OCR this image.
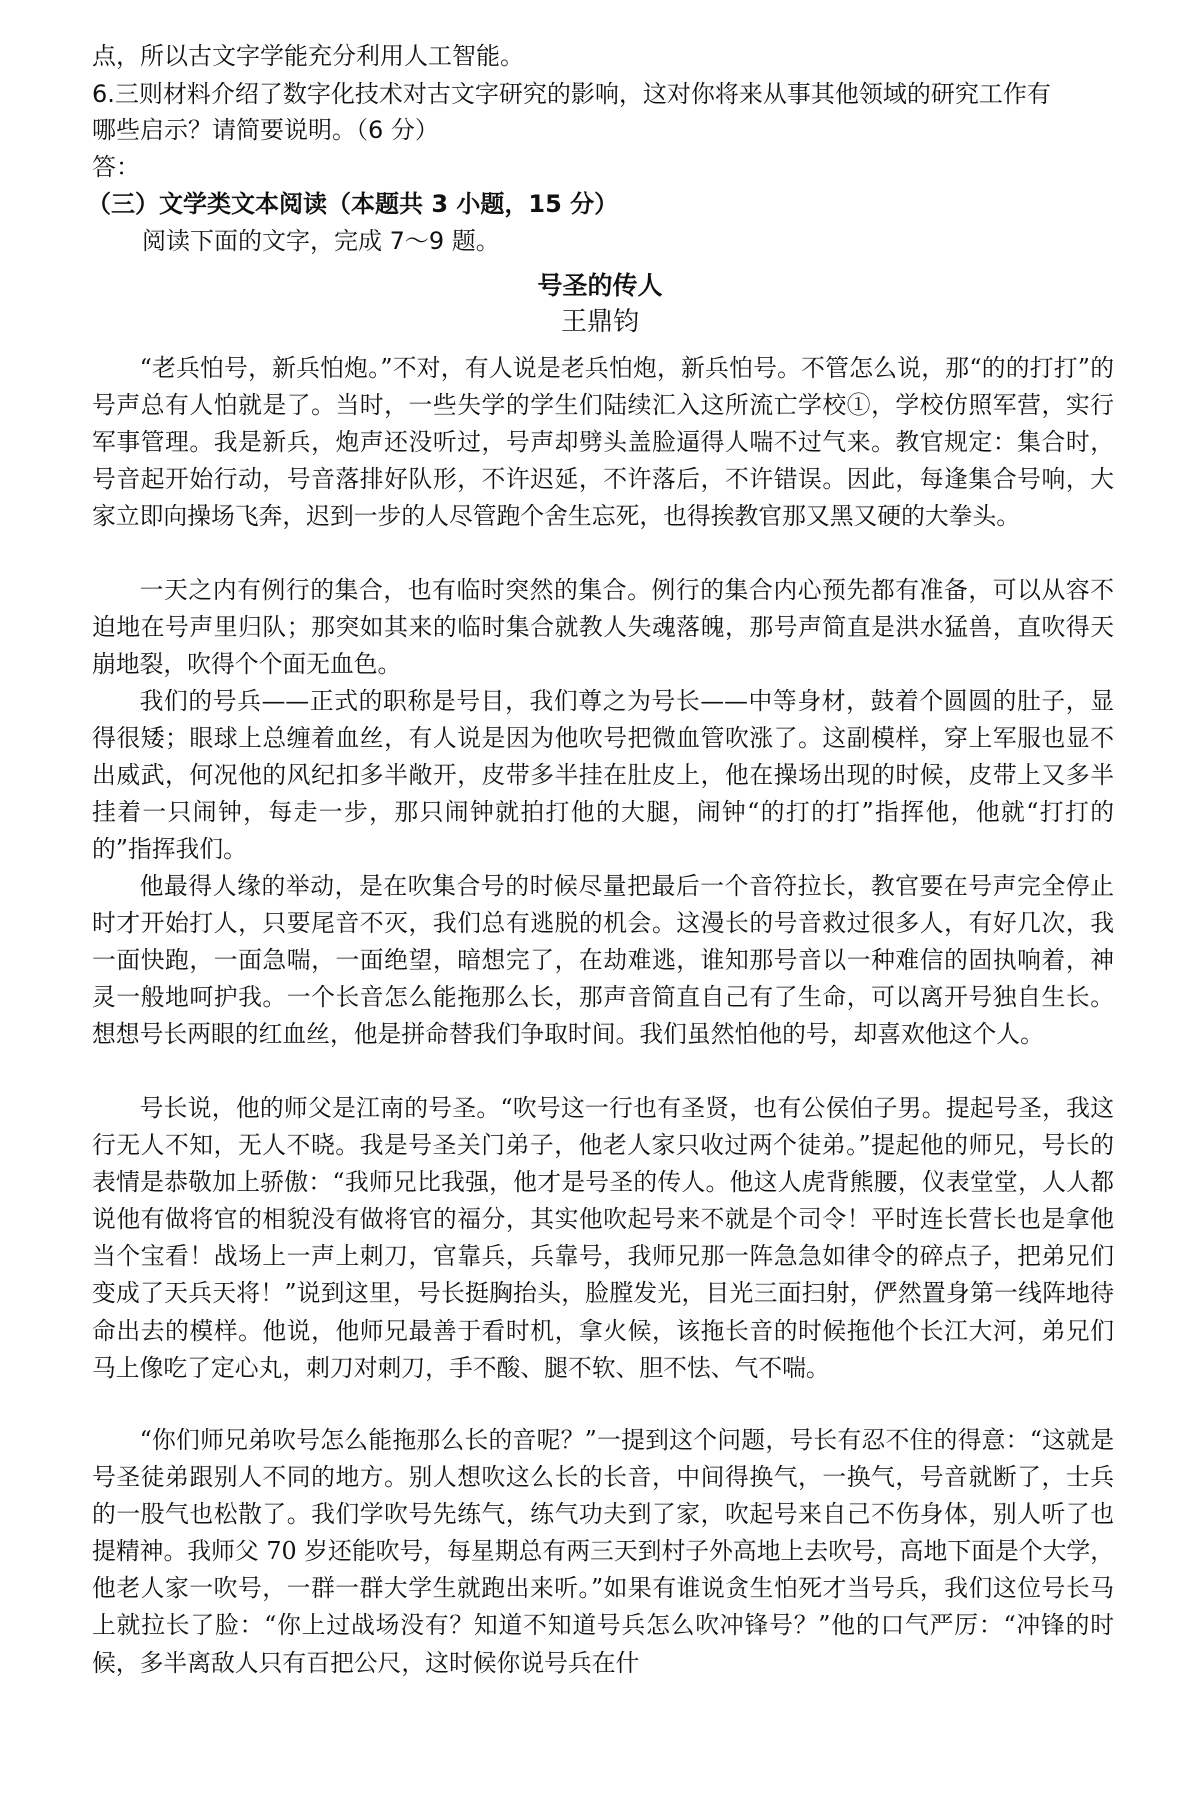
点，所以古文字学能充分利用人工智能。
6.三则材料介绍了数字化技术对古文字研究的影响，这对你将来从事其他领域的研究工作有
哪些启示？请简要说明。（6 分）
答：
（三）文学类文本阅读（本题共 3 小题，15 分）
阅读下面的文字，完成 7～9 题。
号圣的传人
王鼎钧

“老兵怕号，新兵怕炮。”不对，有人说是老兵怕炮，新兵怕号。不管怎么说，那“的的打打”的号声总有人怕就是了。当时，一些失学的学生们陆续汇入这所流亡学校①，学校仿照军营，实行军事管理。我是新兵，炮声还没听过，号声却劈头盖脸逼得人喘不过气来。教官规定：集合时，号音起开始行动，号音落排好队形，不许迟延，不许落后，不许错误。因此，每逢集合号响，大家立即向操场飞奔，迟到一步的人尽管跑个舍生忘死，也得挨教官那又黑又硬的大拳头。

一天之内有例行的集合，也有临时突然的集合。例行的集合内心预先都有准备，可以从容不迫地在号声里归队；那突如其来的临时集合就教人失魂落魄，那号声简直是洪水猛兽，直吹得天崩地裂，吹得个个面无血色。

我们的号兵——正式的职称是号目，我们尊之为号长——中等身材，鼓着个圆圆的肚子，显得很矮；眼球上总缠着血丝，有人说是因为他吹号把微血管吹涨了。这副模样，穿上军服也显不出威武，何况他的风纪扣多半敞开，皮带多半挂在肚皮上，他在操场出现的时候，皮带上又多半挂着一只闹钟，每走一步，那只闹钟就拍打他的大腿，闹钟“的打的打”指挥他，他就“打打的的”指挥我们。

他最得人缘的举动，是在吹集合号的时候尽量把最后一个音符拉长，教官要在号声完全停止时才开始打人，只要尾音不灭，我们总有逃脱的机会。这漫长的号音救过很多人，有好几次，我一面快跑，一面急喘，一面绝望，暗想完了，在劫难逃，谁知那号音以一种难信的固执响着，神灵一般地呵护我。一个长音怎么能拖那么长，那声音简直自己有了生命，可以离开号独自生长。想想号长两眼的红血丝，他是拼命替我们争取时间。我们虽然怕他的号，却喜欢他这个人。

号长说，他的师父是江南的号圣。“吹号这一行也有圣贤，也有公侯伯子男。提起号圣，我这行无人不知，无人不晓。我是号圣关门弟子，他老人家只收过两个徒弟。”提起他的师兄，号长的表情是恭敬加上骄傲：“我师兄比我强，他才是号圣的传人。他这人虎背熊腰，仪表堂堂，人人都说他有做将官的相貌没有做将官的福分，其实他吹起号来不就是个司令！平时连长营长也是拿他当个宝看！战场上一声上刺刀，官靠兵，兵靠号，我师兄那一阵急急如律令的碎点子，把弟兄们变成了天兵天将！”说到这里，号长挺胸抬头，脸膛发光，目光三面扫射，俨然置身第一线阵地待命出去的模样。他说，他师兄最善于看时机，拿火候，该拖长音的时候拖他个长江大河，弟兄们马上像吃了定心丸，刺刀对刺刀，手不酸、腿不软、胆不怯、气不喘。

“你们师兄弟吹号怎么能拖那么长的音呢？”一提到这个问题，号长有忍不住的得意：“这就是号圣徒弟跟别人不同的地方。别人想吹这么长的长音，中间得换气，一换气，号音就断了，士兵的一股气也松散了。我们学吹号先练气，练气功夫到了家，吹起号来自己不伤身体，别人听了也提精神。我师父 70 岁还能吹号，每星期总有两三天到村子外高地上去吹号，高地下面是个大学，他老人家一吹号，一群一群大学生就跑出来听。”如果有谁说贪生怕死才当号兵，我们这位号长马上就拉长了脸：“你上过战场没有？知道不知道号兵怎么吹冲锋号？”他的口气严厉：“冲锋的时候，多半离敌人只有百把公尺，这时候你说号兵在什
